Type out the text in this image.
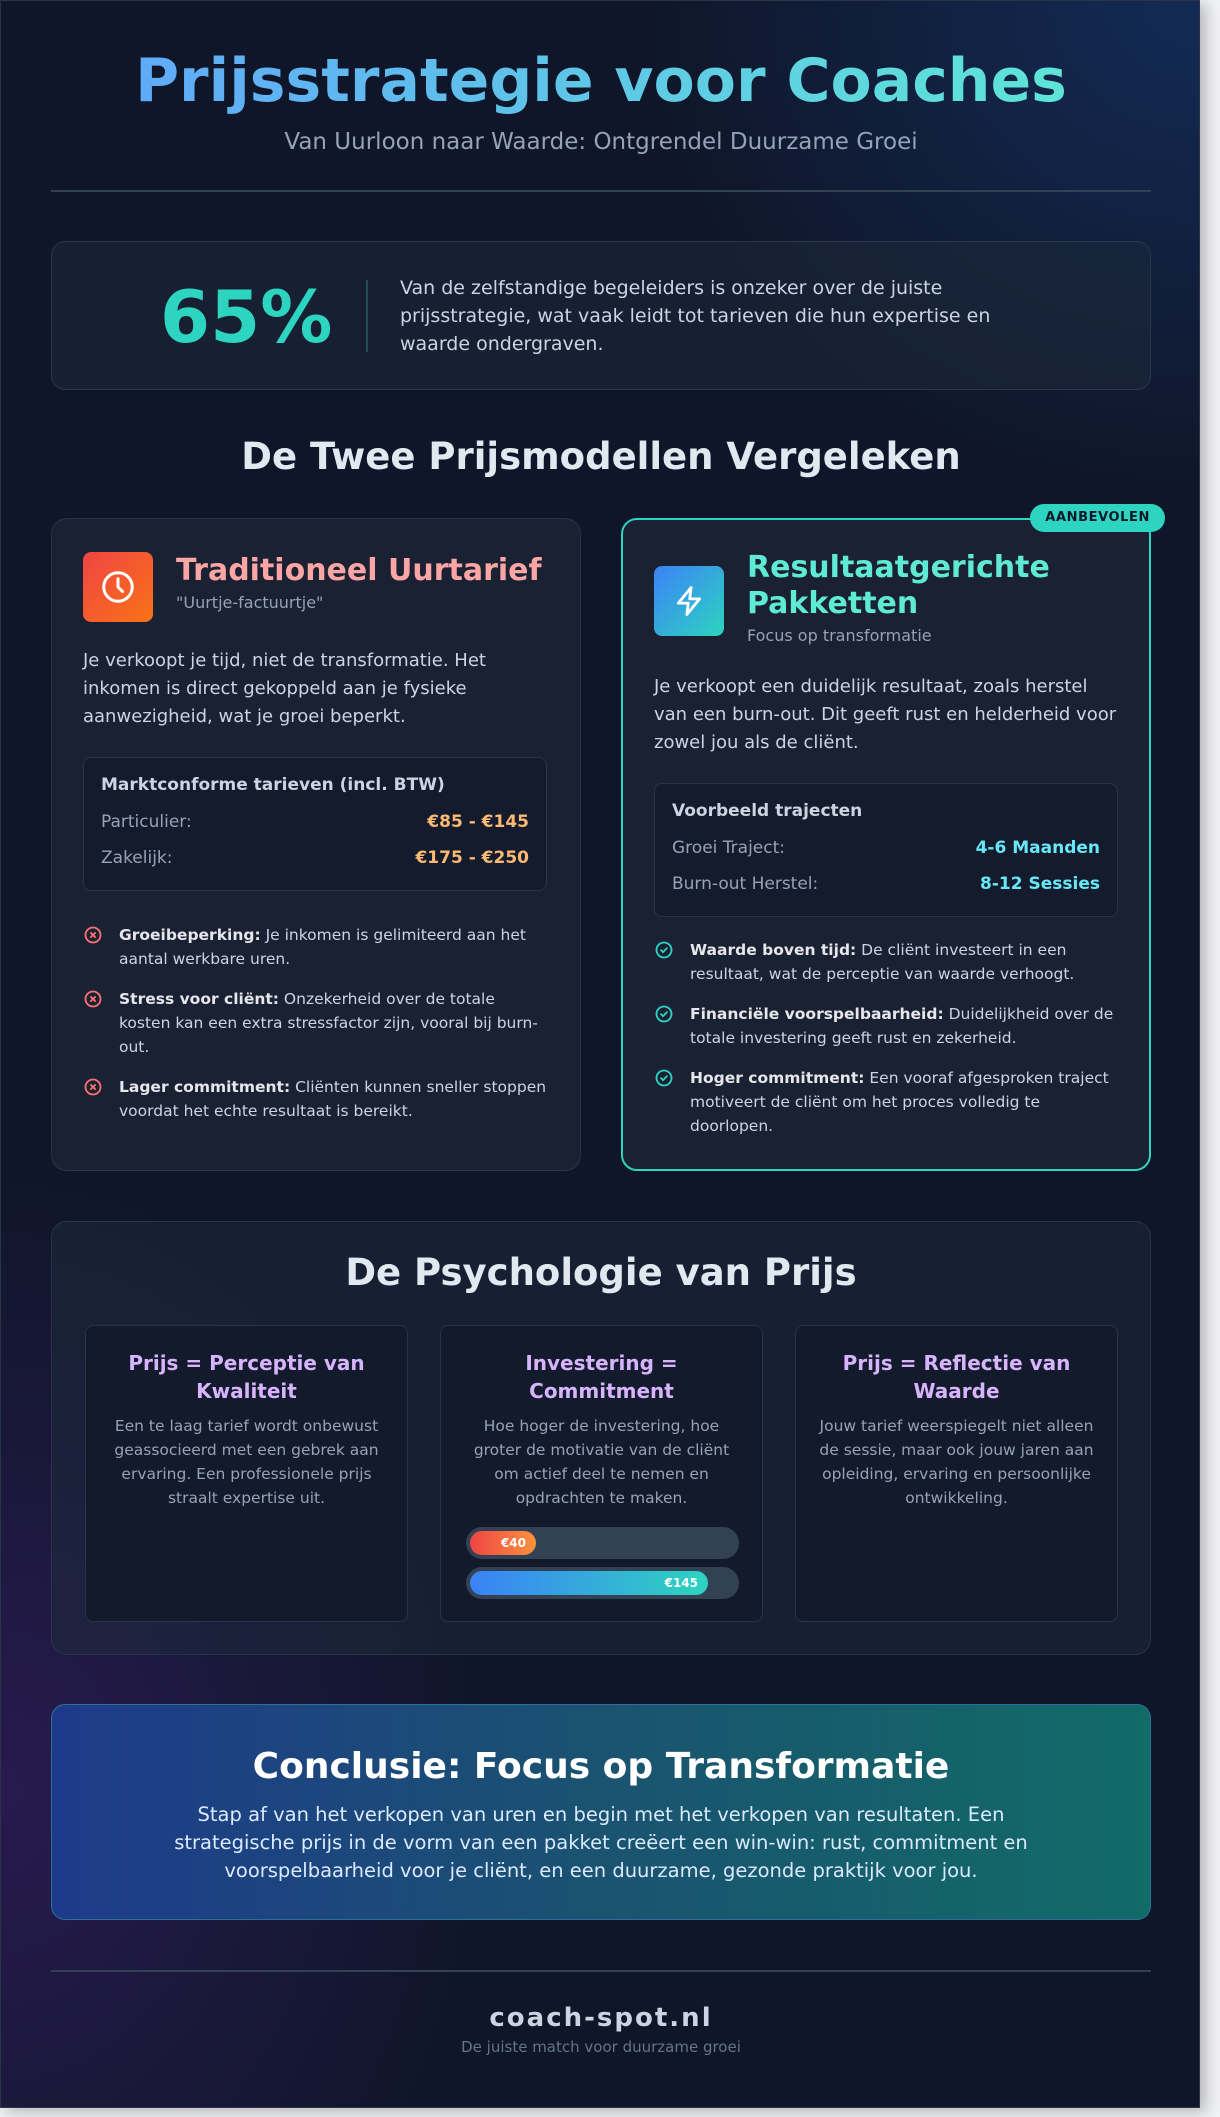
Prijsstrategie voor Coaches
Van Uurloon naar Waarde: Ontgrendel Duurzame Groei
65%	Van de zelfstandige begeleiders is onzeker over de juiste prijsstrategie, wat vaak leidt tot tarieven die hun expertise en waarde ondergraven.
De Twee Prijsmodellen Vergeleken
Traditioneel Uurtarief
"Uurtje-factuurtje"
Je verkoopt je tijd, niet de transformatie. Het inkomen is direct gekoppeld aan je fysieke aanwezigheid, wat je groei beperkt.
Marktconforme tarieven (incl. BTW)
Particulier:	€85 - €145
Zakelijk:	€175 - €250
Groeibeperking: Je inkomen is gelimiteerd aan het aantal werkbare uren.
Stress voor cliënt: Onzekerheid over de totale kosten kan een extra stressfactor zijn, vooral bij burn-out.
Lager commitment: Cliënten kunnen sneller stoppen voordat het echte resultaat is bereikt.
AANBEVOLEN
Resultaatgerichte
Pakketten
Focus op transformatie
Je verkoopt een duidelijk resultaat, zoals herstel van een burn-out. Dit geeft rust en helderheid voor zowel jou als de cliënt.
Voorbeeld trajecten
Groei Traject:	4-6 Maanden
Burn-out Herstel:	8-12 Sessies
Waarde boven tijd: De cliënt investeert in een resultaat, wat de perceptie van waarde verhoogt.
Financiële voorspelbaarheid: Duidelijkheid over de totale investering geeft rust en zekerheid.
Hoger commitment: Een vooraf afgesproken traject motiveert de cliënt om het proces volledig te doorlopen.
De Psychologie van Prijs
Prijs = Perceptie van Kwaliteit
Een te laag tarief wordt onbewust geassocieerd met een gebrek aan ervaring. Een professionele prijs straalt expertise uit.
Investering = Commitment
Hoe hoger de investering, hoe groter de motivatie van de cliënt om actief deel te nemen en opdrachten te maken.
€40
€145
Prijs = Reflectie van Waarde
Jouw tarief weerspiegelt niet alleen de sessie, maar ook jouw jaren aan opleiding, ervaring en persoonlijke ontwikkeling.
Conclusie: Focus op Transformatie

Stap af van het verkopen van uren en begin met het verkopen van resultaten. Een strategische prijs in de vorm van een pakket creëert een win-win: rust, commitment en voorspelbaarheid voor je cliënt, en een duurzame, gezonde praktijk voor jou.

coach-spot.nl
De juiste match voor duurzame groei
